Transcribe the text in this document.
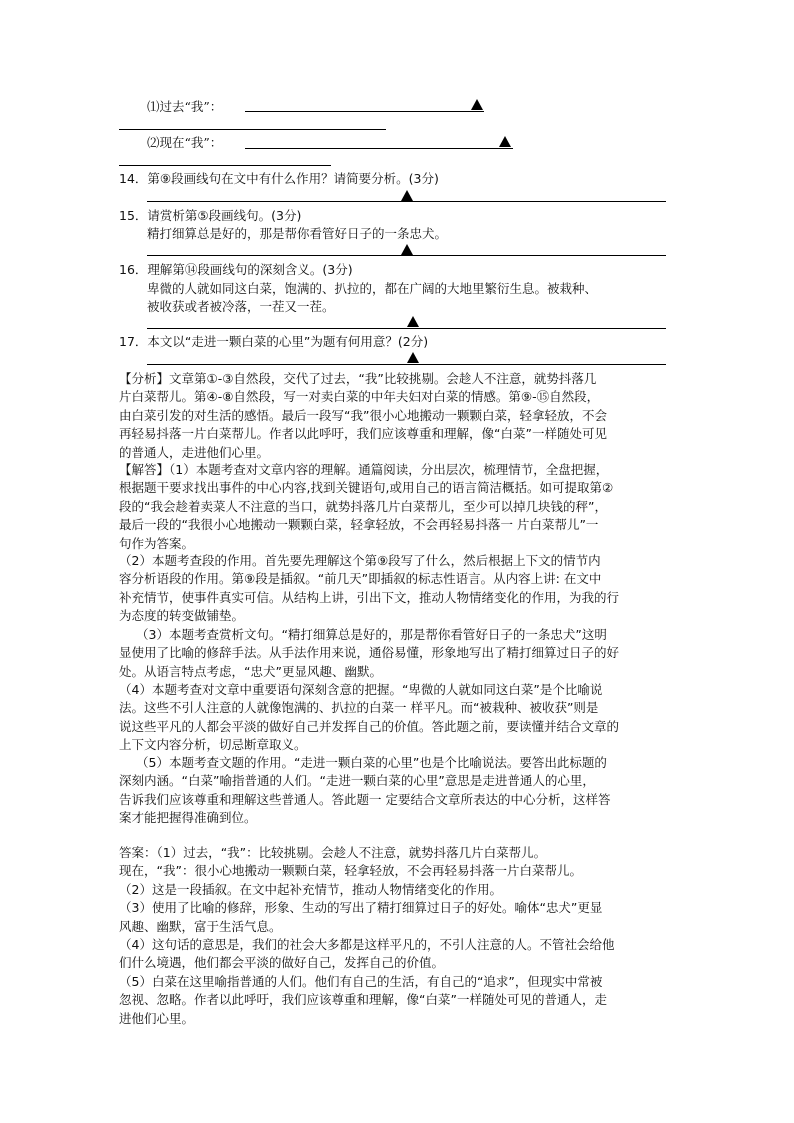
⑴过去“我”：
⑵现在“我”：
14．第⑨段画线句在文中有什么作用？请简要分析。(3分)
15．请赏析第⑤段画线句。(3分)
精打细算总是好的，那是帮你看管好日子的一条忠犬。
16．理解第⑭段画线句的深刻含义。(3分)
卑微的人就如同这白菜，饱满的、扒拉的，都在广阔的大地里繁衍生息。被栽种、
被收获或者被冷落，一茬又一茬。
17．本文以“走进一颗白菜的心里”为题有何用意？(2分)
【分析】文章第①-③自然段，交代了过去，“我”比较挑剔。会趁人不注意，就势抖落几
片白菜帮儿。第④-⑧自然段，写一对卖白菜的中年夫妇对白菜的情感。第⑨-⑮自然段，
由白菜引发的对生活的感悟。最后一段写“我”很小心地搬动一颗颗白菜，轻拿轻放，不会
再轻易抖落一片白菜帮儿。作者以此呼吁，我们应该尊重和理解，像“白菜”一样随处可见
的普通人，走进他们心里。
【解答】（1）本题考查对文章内容的理解。通篇阅读，分出层次，梳理情节，全盘把握，
根据题干要求找出事件的中心内容,找到关键语句,或用自己的语言简洁概括。如可提取第②
段的“我会趁着卖菜人不注意的当口，就势抖落几片白菜帮儿，至少可以掉几块钱的秤”，
最后一段的“我很小心地搬动一颗颗白菜，轻拿轻放，不会再轻易抖落一 片白菜帮儿”一
句作为答案。
（2）本题考查段的作用。首先要先理解这个第⑨段写了什么，然后根据上下文的情节内
容分析语段的作用。第⑨段是插叙。“前几天”即插叙的标志性语言。从内容上讲: 在文中
补充情节，使事件真实可信。从结构上讲，引出下文，推动人物情绪变化的作用，为我的行
为态度的转变做铺垫。
（3）本题考查赏析文句。“精打细算总是好的，那是帮你看管好日子的一条忠犬”这明
显使用了比喻的修辞手法。从手法作用来说，通俗易懂，形象地写出了精打细算过日子的好
处。从语言特点考虑，“忠犬”更显风趣、幽默。
（4）本题考查对文章中重要语句深刻含意的把握。“卑微的人就如同这白菜”是个比喻说
法。这些不引人注意的人就像饱满的、扒拉的白菜一 样平凡。而“被栽种、被收获”则是
说这些平凡的人都会平淡的做好自己并发挥自己的价值。答此题之前，要读懂并结合文章的
上下文内容分析，切忌断章取义。
（5）本题考查文题的作用。“走进一颗白菜的心里”也是个比喻说法。要答出此标题的
深刻内涵。“白菜”喻指普通的人们。“走进一颗白菜的心里”意思是走进普通人的心里，
告诉我们应该尊重和理解这些普通人。答此题一 定要结合文章所表达的中心分析，这样答
案才能把握得准确到位。
答案：（1）过去，“我”：比较挑剔。会趁人不注意，就势抖落几片白菜帮儿。
现在，“我”：很小心地搬动一颗颗白菜，轻拿轻放，不会再轻易抖落一片白菜帮儿。
（2）这是一段插叙。在文中起补充情节，推动人物情绪变化的作用。
（3）使用了比喻的修辞，形象、生动的写出了精打细算过日子的好处。喻体“忠犬”更显
风趣、幽默，富于生活气息。
（4）这句话的意思是，我们的社会大多都是这样平凡的，不引人注意的人。不管社会给他
们什么境遇，他们都会平淡的做好自己，发挥自己的价值。
（5）白菜在这里喻指普通的人们。他们有自己的生活，有自己的“追求”，但现实中常被
忽视、忽略。作者以此呼吁，我们应该尊重和理解，像“白菜”一样随处可见的普通人，走
进他们心里。
